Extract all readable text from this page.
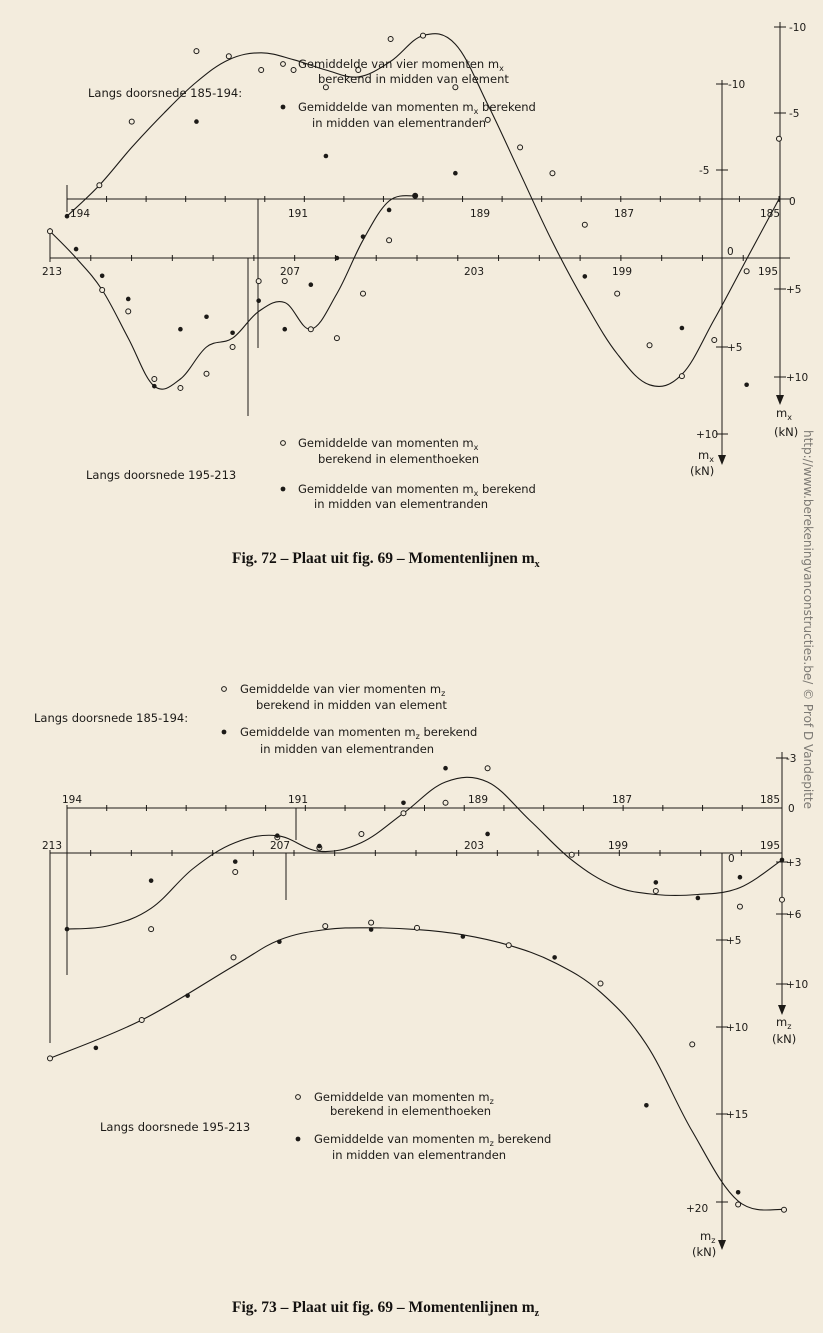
194	191	189	187	185
213	207	203	199	195
-10
-5
0
+5
+10
$m_x$
(kN)
-10
-5
0
+5
+10
$m_x$
(kN)
Langs doorsnede 185-194:
Gemiddelde van vier momenten $m_x$
berekend in midden van element
Gemiddelde van momenten $m_x$ berekend
in midden van elementranden
Gemiddelde van momenten $m_x$
berekend in elementhoeken
Langs doorsnede 195-213
Gemiddelde van momenten $m_x$ berekend
in midden van elementranden
Fig. 72 – Plaat uit fig. 69 – Momentenlijnen $m_x$
194	191	189	187	185
213	207	203	199	195
-3
0
+3
+6
+10
$m_z$
(kN)
0
+5
+10
+15
+20
$m_z$
(kN)
Gemiddelde van vier momenten $m_z$
berekend in midden van element
Langs doorsnede 185-194:
Gemiddelde van momenten $m_z$ berekend
in midden van elementranden
Gemiddelde van momenten $m_z$
berekend in elementhoeken
Langs doorsnede 195-213
Gemiddelde van momenten $m_z$ berekend
in midden van elementranden
Fig. 73 – Plaat uit fig. 69 – Momentenlijnen $m_z$
http://www.berekeningvanconstructies.be/ © Prof D Vandepitte
